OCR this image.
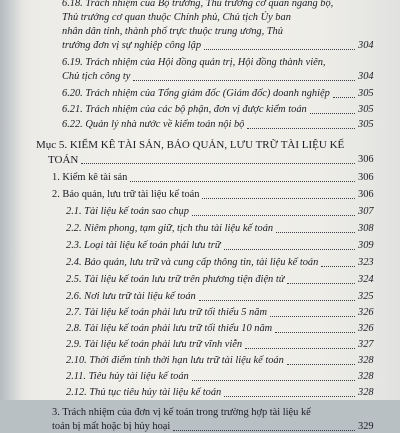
6.18. Trách nhiệm của Bộ trưởng, Thủ trưởng cơ quan ngang bộ,
Thủ trưởng cơ quan thuộc Chính phủ, Chủ tịch Ủy ban
nhân dân tỉnh, thành phố trực thuộc trung ương, Thủ
trưởng đơn vị sự nghiệp công lập	304
6.19. Trách nhiệm của Hội đồng quản trị, Hội đồng thành viên,
Chủ tịch công ty	304
6.20. Trách nhiệm của Tổng giám đốc (Giám đốc) doanh nghiệp	305
6.21. Trách nhiệm của các bộ phận, đơn vị được kiểm toán	305
6.22. Quản lý nhà nước về kiểm toán nội bộ	305
Mục 5. KIỂM KÊ TÀI SẢN, BẢO QUẢN, LƯU TRỮ TÀI LIỆU KẾ
TOÁN	306
1. Kiểm kê tài sản	306
2. Bảo quản, lưu trữ tài liệu kế toán	306
2.1. Tài liệu kế toán sao chụp	307
2.2. Niêm phong, tạm giữ, tịch thu tài liệu kế toán	308
2.3. Loại tài liệu kế toán phải lưu trữ	309
2.4. Bảo quản, lưu trữ và cung cấp thông tin, tài liệu kế toán	323
2.5. Tài liệu kế toán lưu trữ trên phương tiện điện tử	324
2.6. Nơi lưu trữ tài liệu kế toán	325
2.7. Tài liệu kế toán phải lưu trữ tối thiểu 5 năm	326
2.8. Tài liệu kế toán phải lưu trữ tối thiểu 10 năm	326
2.9. Tài liệu kế toán phải lưu trữ vĩnh viễn	327
2.10. Thời điểm tính thời hạn lưu trữ tài liệu kế toán	328
2.11. Tiêu hủy tài liệu kế toán	328
2.12. Thủ tục tiêu hủy tài liệu kế toán	328
3. Trách nhiệm của đơn vị kế toán trong trường hợp tài liệu kế
toán bị mất hoặc bị hủy hoại	329
